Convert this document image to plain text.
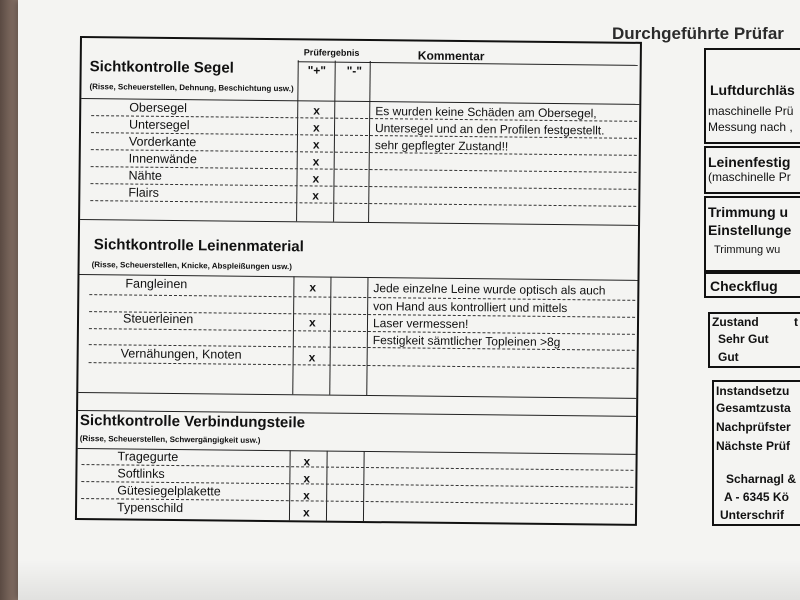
Durchgeführte Prüfar
Prüfergebnis	Kommentar
"+" "-"
Sichtkontrolle Segel
(Risse, Scheuerstellen, Dehnung, Beschichtung usw.)
Obersegel	x	Es wurden keine Schäden am Obersegel,
Untersegel	x	Untersegel und an den Profilen festgestellt.
Vorderkante	x	sehr gepflegter Zustand!!
Innenwände	x
Nähte	x
Flairs	x
Sichtkontrolle Leinenmaterial
(Risse, Scheuerstellen, Knicke, Abspleißungen usw.)
Fangleinen	x	Jede einzelne Leine wurde optisch als auch
von Hand aus kontrolliert und mittels
Steuerleinen	x	Laser vermessen!
Festigkeit sämtlicher Topleinen >8g
Vernähungen, Knoten	x
Sichtkontrolle Verbindungsteile
(Risse, Scheuerstellen, Schwergängigkeit usw.)
Tragegurte	x
Softlinks	x
Gütesiegelplakette	x
Typenschild	x
Luftdurchläs
maschinelle Prü
Messung nach ,
Leinenfestig
(maschinelle Pr
Trimmung u
Einstellunge
Trimmung wu
Checkflug
Zustand	t
Sehr Gut
Gut
Instandsetzu
Gesamtzusta
Nachprüfster
Nächste Prüf
Scharnagl &
A - 6345 Kö
Unterschrif
